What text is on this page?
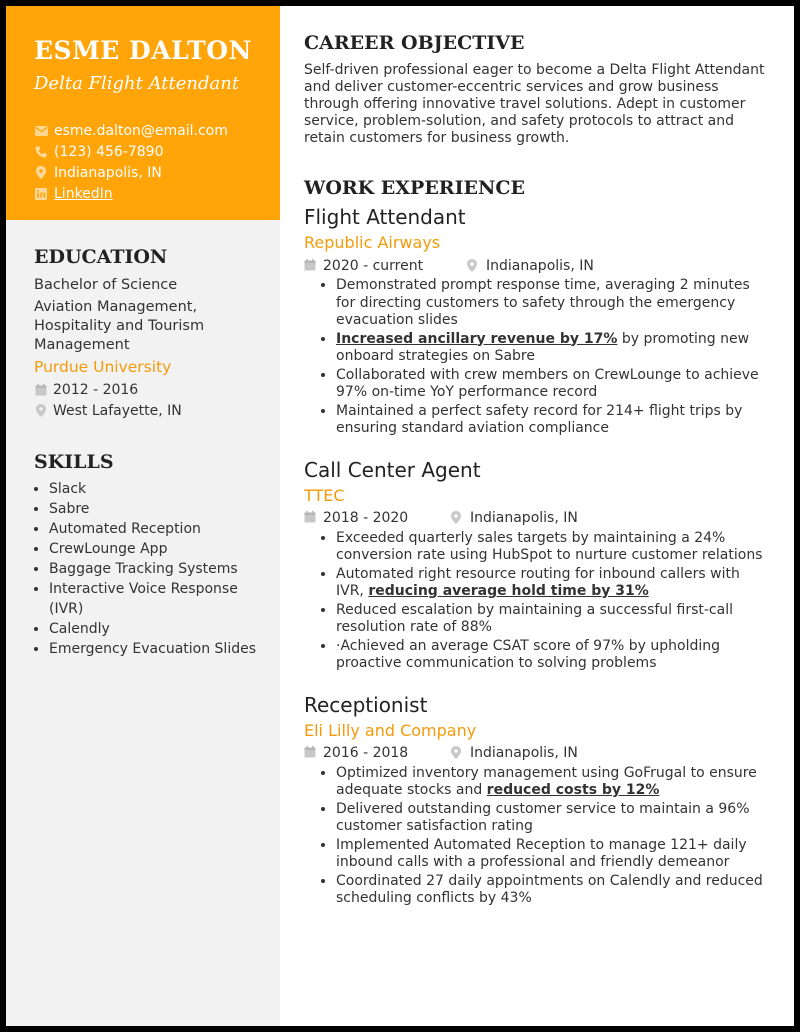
ESME DALTON
Delta Flight Attendant
esme.dalton@email.com
(123) 456-7890
Indianapolis, IN
LinkedIn
EDUCATION
Bachelor of Science
Aviation Management, Hospitality and Tourism Management
Purdue University
2012 - 2016
West Lafayette, IN
SKILLS
• Slack
• Sabre
• Automated Reception
• CrewLounge App
• Baggage Tracking Systems
• Interactive Voice Response (IVR)
• Calendly
• Emergency Evacuation Slides
CAREER OBJECTIVE
Self-driven professional eager to become a Delta Flight Attendant and deliver customer-eccentric services and grow business through offering innovative travel solutions. Adept in customer service, problem-solution, and safety protocols to attract and retain customers for business growth.
WORK EXPERIENCE
Flight Attendant
Republic Airways
2020 - current	Indianapolis, IN
• Demonstrated prompt response time, averaging 2 minutes for directing customers to safety through the emergency evacuation slides
• Increased ancillary revenue by 17% by promoting new onboard strategies on Sabre
• Collaborated with crew members on CrewLounge to achieve 97% on-time YoY performance record
• Maintained a perfect safety record for 214+ flight trips by ensuring standard aviation compliance
Call Center Agent
TTEC
2018 - 2020	Indianapolis, IN
• Exceeded quarterly sales targets by maintaining a 24% conversion rate using HubSpot to nurture customer relations
• Automated right resource routing for inbound callers with IVR, reducing average hold time by 31%
• Reduced escalation by maintaining a successful first-call resolution rate of 88%
• ·Achieved an average CSAT score of 97% by upholding proactive communication to solving problems
Receptionist
Eli Lilly and Company
2016 - 2018	Indianapolis, IN
• Optimized inventory management using GoFrugal to ensure adequate stocks and reduced costs by 12%
• Delivered outstanding customer service to maintain a 96% customer satisfaction rating
• Implemented Automated Reception to manage 121+ daily inbound calls with a professional and friendly demeanor
• Coordinated 27 daily appointments on Calendly and reduced scheduling conflicts by 43%
